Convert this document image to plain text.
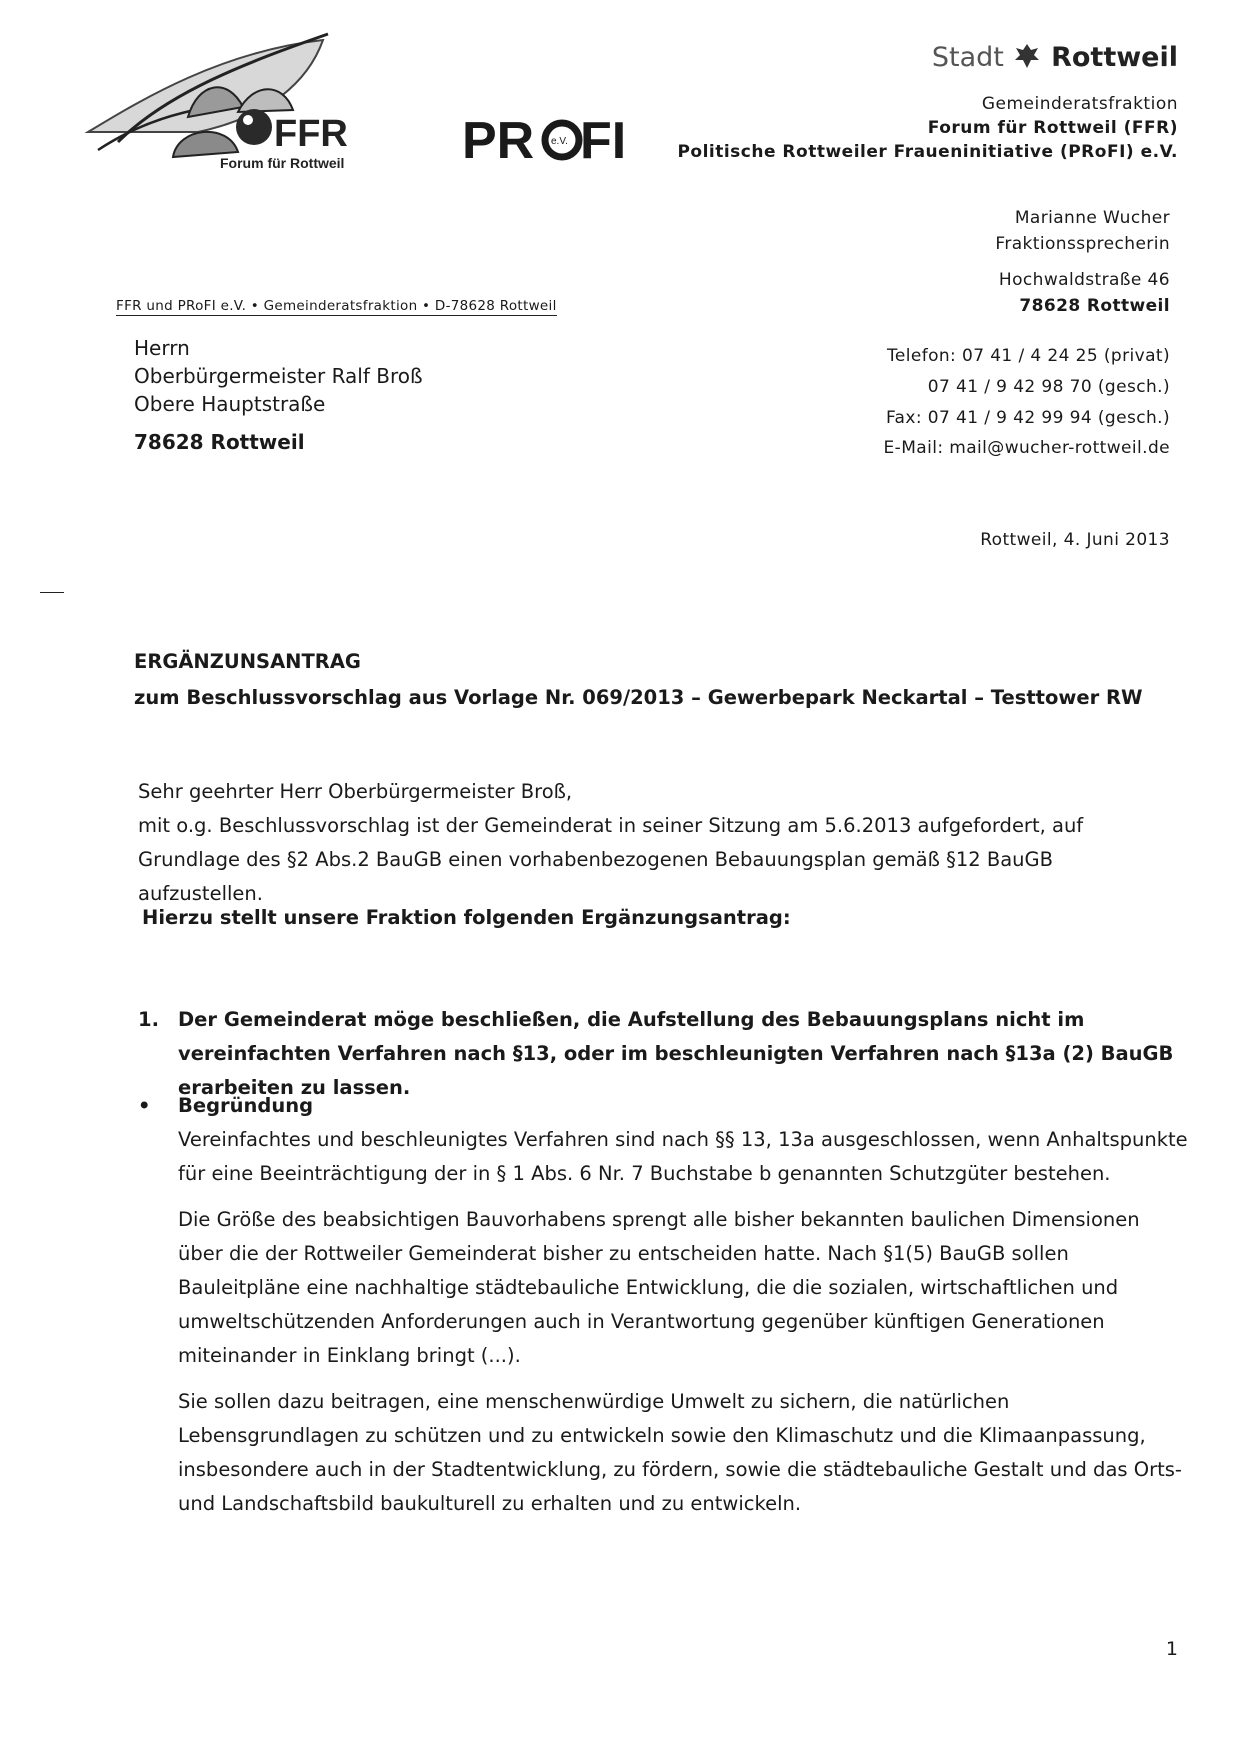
FFR
Forum für Rottweil PR e.V. FI
Stadt Rottweil
Gemeinderatsfraktion
Forum für Rottweil (FFR)
Politische Rottweiler Fraueninitiative (PRoFI) e.V.
Marianne Wucher
Fraktionssprecherin
Hochwaldstraße 46
78628 Rottweil
Telefon: 07 41 / 4 24 25 (privat)
07 41 / 9 42 98 70 (gesch.)
Fax: 07 41 / 9 42 99 94 (gesch.)
E-Mail: mail@wucher-rottweil.de
FFR und PRoFI e.V. • Gemeinderatsfraktion • D-78628 Rottweil
Herrn
Oberbürgermeister Ralf Broß
Obere Hauptstraße
78628 Rottweil
Rottweil, 4. Juni 2013
ERGÄNZUNSANTRAG
zum Beschlussvorschlag aus Vorlage Nr. 069/2013 – Gewerbepark Neckartal – Testtower RW
Sehr geehrter Herr Oberbürgermeister Broß,
mit o.g. Beschlussvorschlag ist der Gemeinderat in seiner Sitzung am 5.6.2013 aufgefordert, auf Grundlage des §2 Abs.2 BauGB einen vorhabenbezogenen Bebauungsplan gemäß §12 BauGB aufzustellen.
Hierzu stellt unsere Fraktion folgenden Ergänzungsantrag:
1. Der Gemeinderat möge beschließen, die Aufstellung des Bebauungsplans nicht im vereinfachten Verfahren nach §13, oder im beschleunigten Verfahren nach §13a (2) BauGB erarbeiten zu lassen.
•	Begründung

Vereinfachtes und beschleunigtes Verfahren sind nach §§ 13, 13a ausgeschlossen, wenn Anhaltspunkte für eine Beeinträchtigung der in § 1 Abs. 6 Nr. 7 Buchstabe b genannten Schutzgüter bestehen.

Die Größe des beabsichtigen Bauvorhabens sprengt alle bisher bekannten baulichen Dimensionen über die der Rottweiler Gemeinderat bisher zu entscheiden hatte. Nach §1(5) BauGB sollen Bauleitpläne eine nachhaltige städtebauliche Entwicklung, die die sozialen, wirtschaftlichen und umweltschützenden Anforderungen auch in Verantwortung gegenüber künftigen Generationen miteinander in Einklang bringt (...).

Sie sollen dazu beitragen, eine menschenwürdige Umwelt zu sichern, die natürlichen Lebensgrundlagen zu schützen und zu entwickeln sowie den Klimaschutz und die Klimaanpassung, insbesondere auch in der Stadtentwicklung, zu fördern, sowie die städtebauliche Gestalt und das Orts- und Landschaftsbild baukulturell zu erhalten und zu entwickeln.

1
